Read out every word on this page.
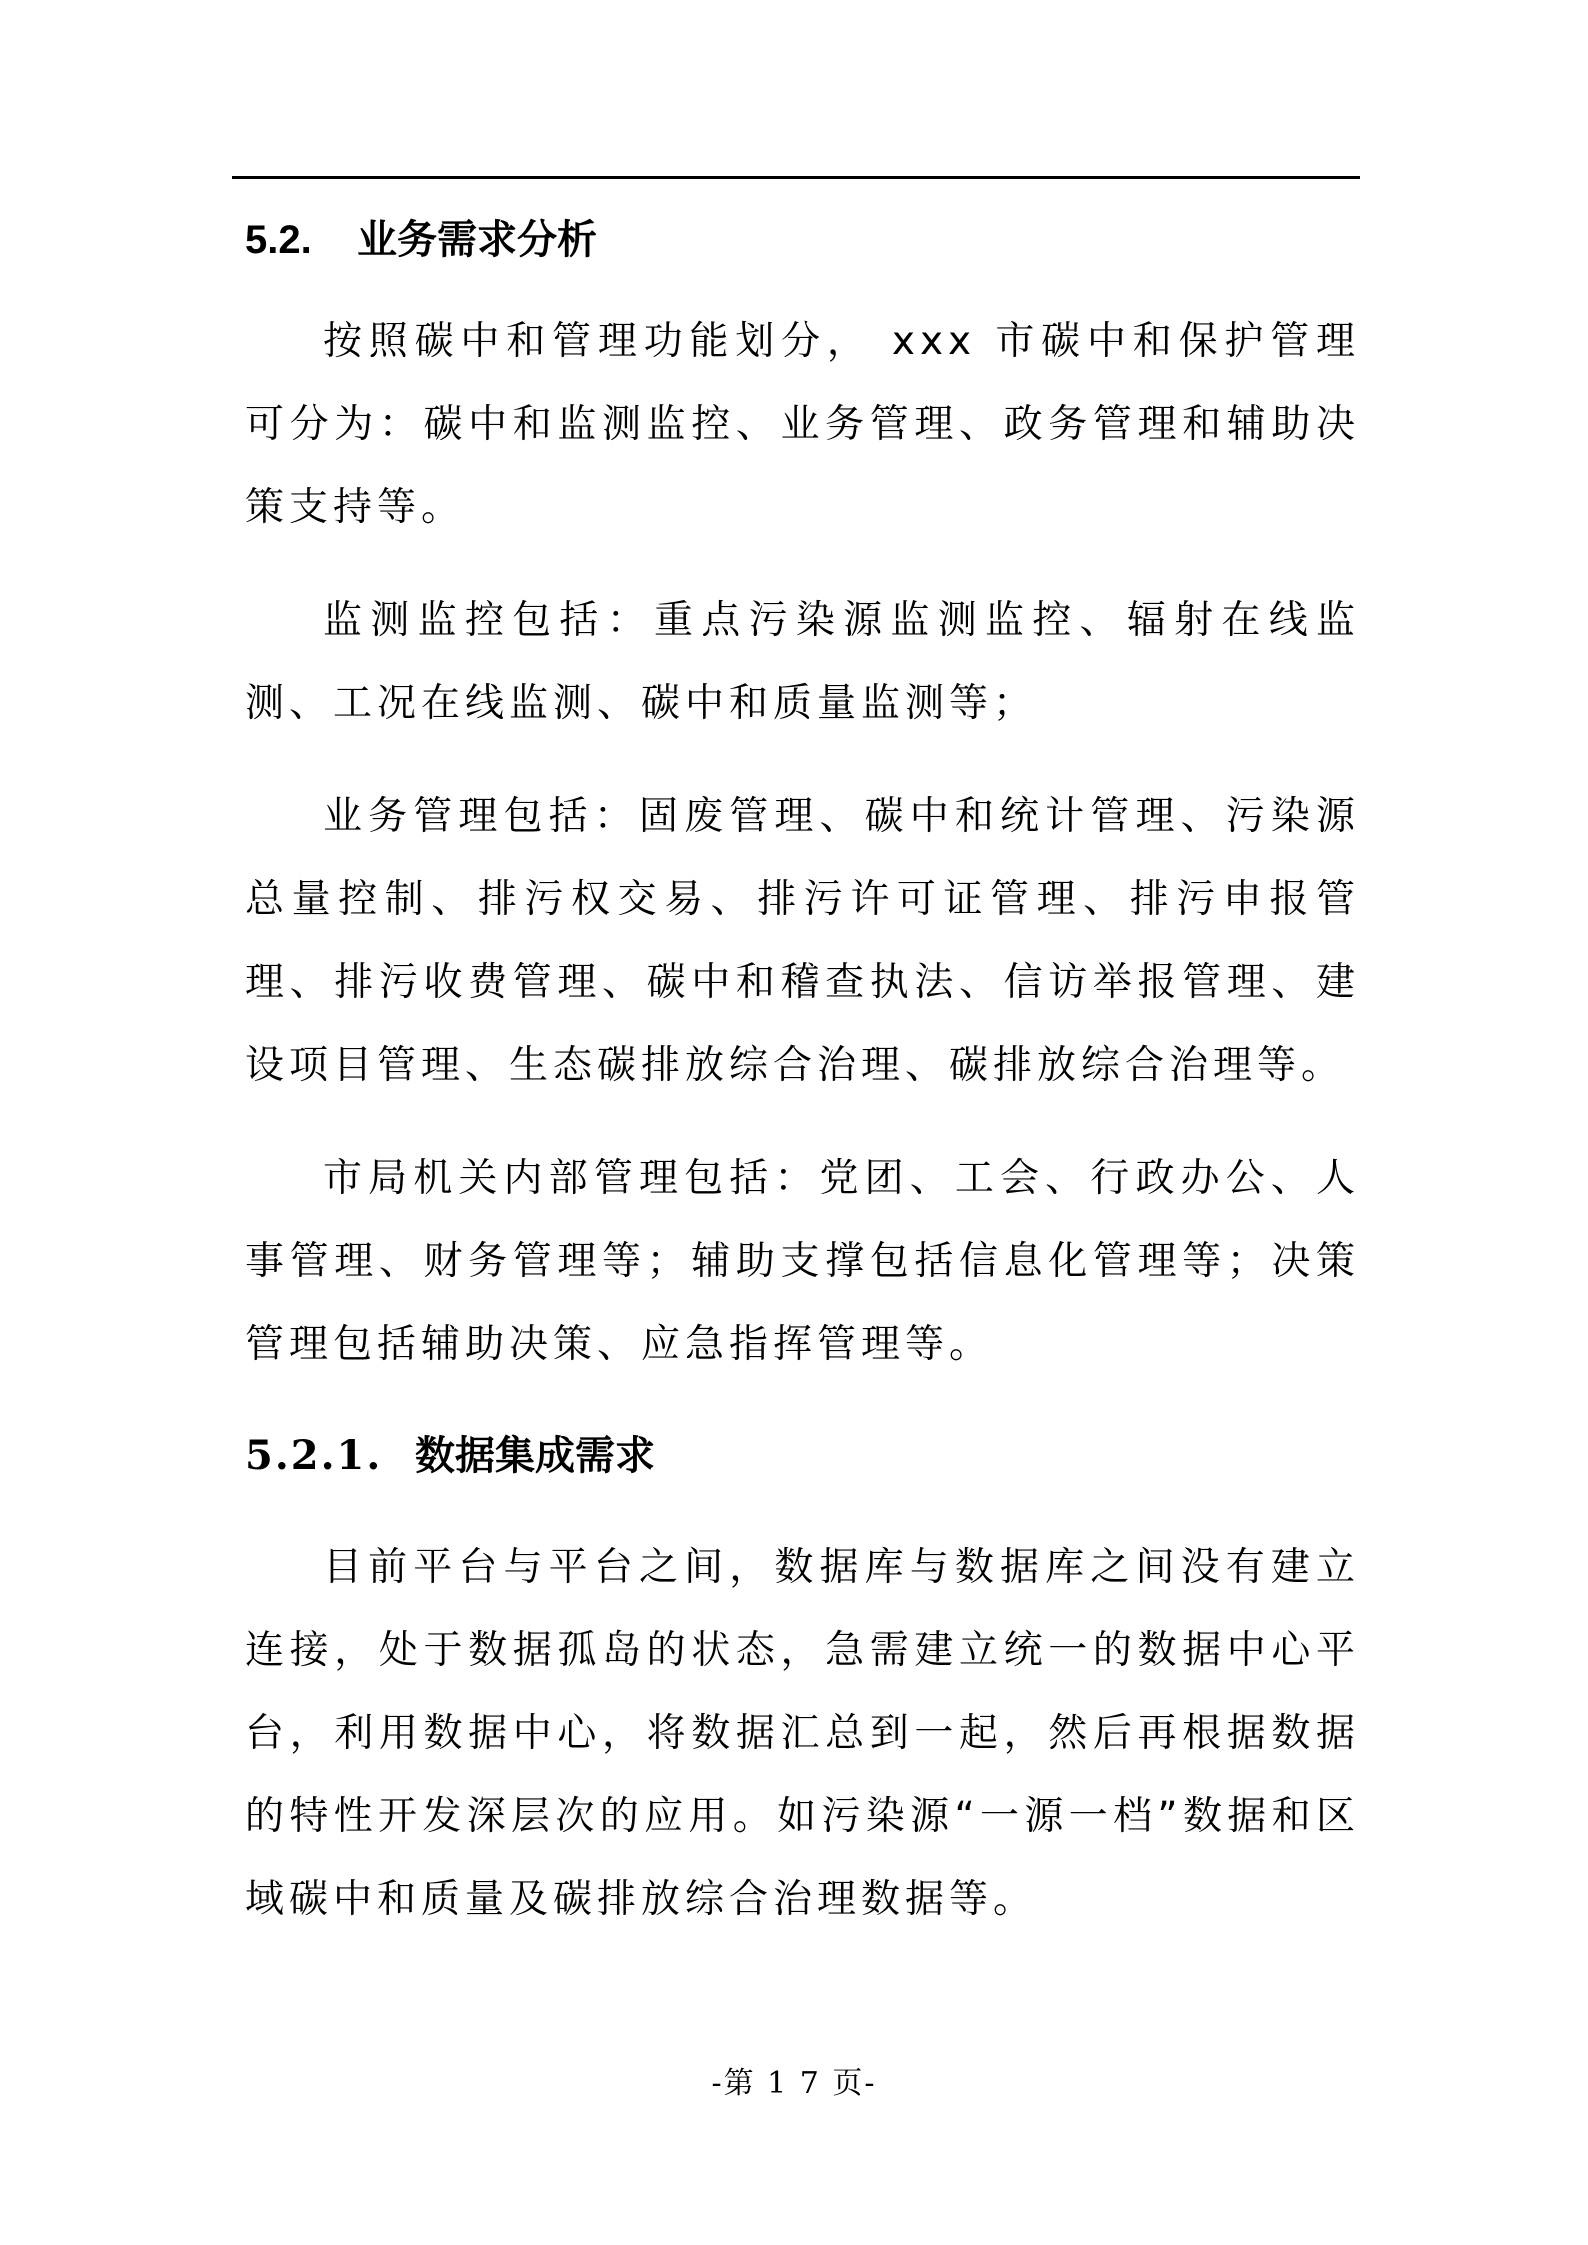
5.2. 业务需求分析

按照碳中和管理功能划分， xxx 市碳中和保护管理可分为：碳中和监测监控、业务管理、政务管理和辅助决策支持等。

监测监控包括：重点污染源监测监控、辐射在线监测、工况在线监测、碳中和质量监测等；

业务管理包括：固废管理、碳中和统计管理、污染源总量控制、排污权交易、排污许可证管理、排污申报管理、排污收费管理、碳中和稽查执法、信访举报管理、建设项目管理、生态碳排放综合治理、碳排放综合治理等。

市局机关内部管理包括：党团、工会、行政办公、人事管理、财务管理等；辅助支撑包括信息化管理等；决策管理包括辅助决策、应急指挥管理等。

5.2.1. 数据集成需求

目前平台与平台之间，数据库与数据库之间没有建立连接，处于数据孤岛的状态，急需建立统一的数据中心平台，利用数据中心，将数据汇总到一起，然后再根据数据的特性开发深层次的应用。如污染源“一源一档”数据和区域碳中和质量及碳排放综合治理数据等。

-第 1 7 页-
